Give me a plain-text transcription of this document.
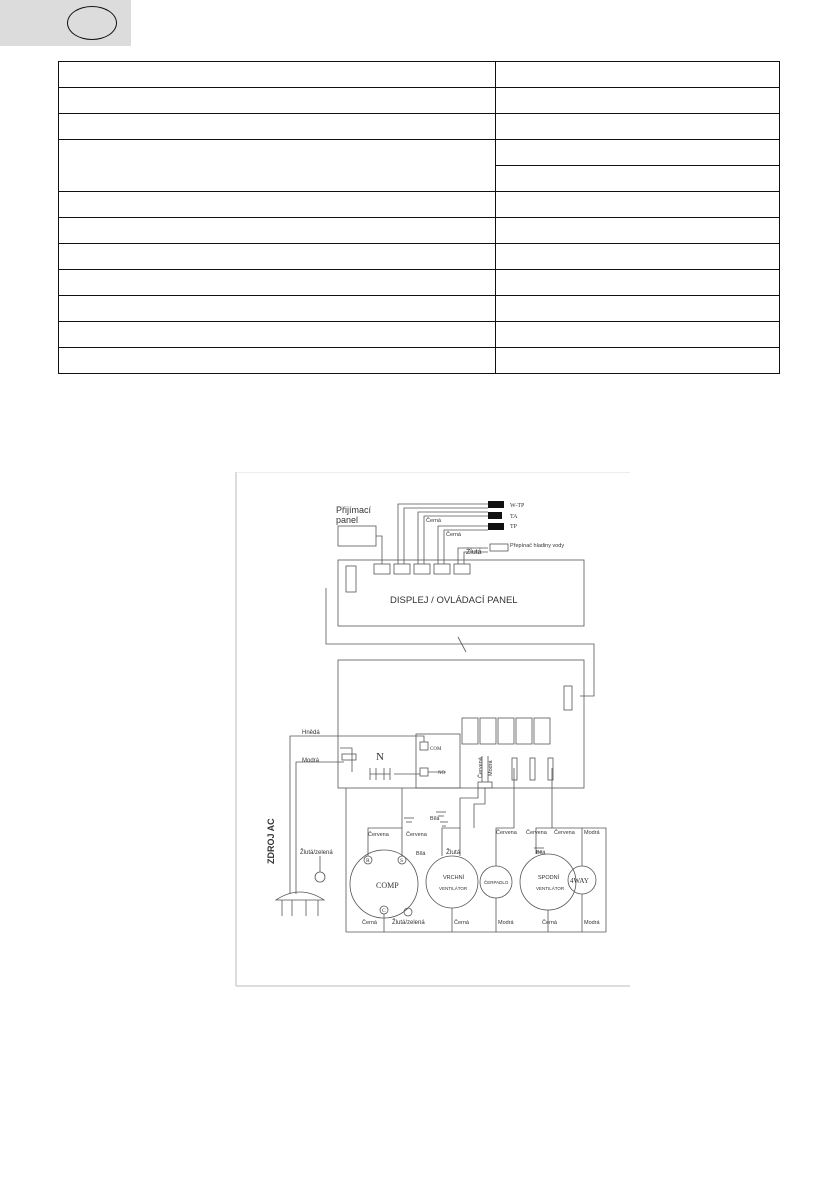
Přijímací
panel
W-TP
TA
TP
Černá
Černá
Žlutá
Přepínač hladiny vody
DISPLEJ / OVLÁDACÍ PANEL
Hnědá
Modrá	N
COM
NO	Červená Modrá
ZDROJ AC	Žlutá/zelená
Červena	Červena
Bílá
Bílá
Žlutá
COMP
R	S
C
VRCHNÍ
VENTILÁTOR
ČERPADLO
SPODNÍ
VENTILÁTOR
Červena Červena Červena Modrá
Bílá
4WAY
Černá	Žlutá/zelená	Černá	Modrá	Černá	Modrá
